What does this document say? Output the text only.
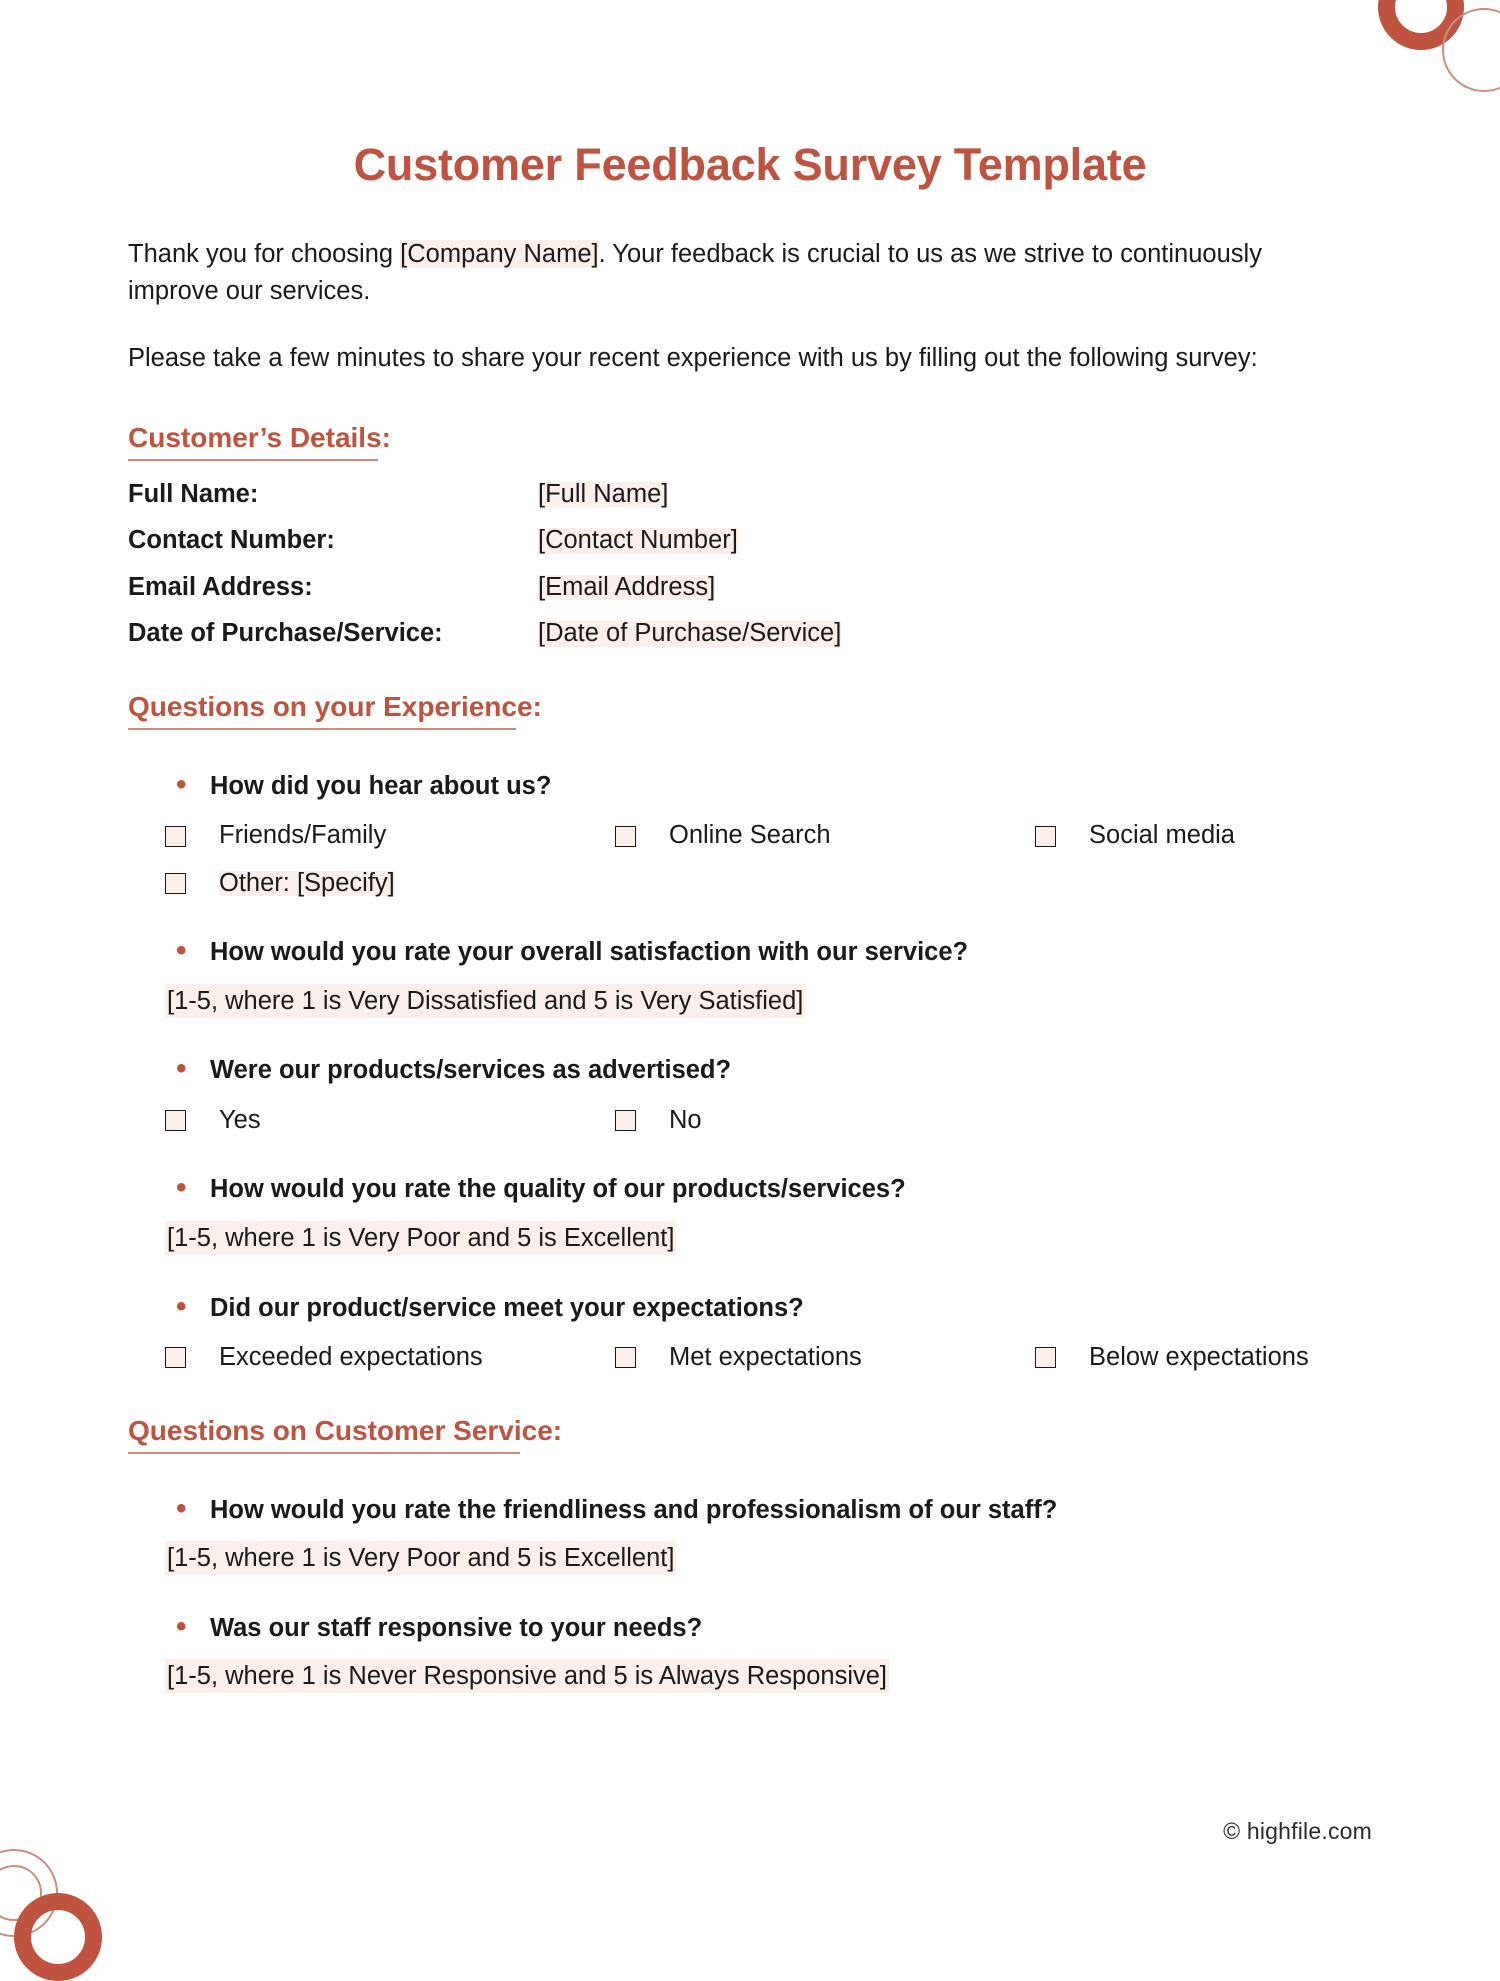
Customer Feedback Survey Template

Thank you for choosing [Company Name]. Your feedback is crucial to us as we strive to continuously improve our services.

Please take a few minutes to share your recent experience with us by filling out the following survey:

Customer’s Details:
Full Name:	[Full Name]
Contact Number:	[Contact Number]
Email Address:	[Email Address]
Date of Purchase/Service:	[Date of Purchase/Service]
Questions on your Experience:
• How did you hear about us?
Friends/Family	Online Search	Social media
Other: [Specify]
• How would you rate your overall satisfaction with our service?
[1-5, where 1 is Very Dissatisfied and 5 is Very Satisfied]
• Were our products/services as advertised?
Yes	No
• How would you rate the quality of our products/services?
[1-5, where 1 is Very Poor and 5 is Excellent]
• Did our product/service meet your expectations?
Exceeded expectations	Met expectations	Below expectations
Questions on Customer Service:
• How would you rate the friendliness and professionalism of our staff?
[1-5, where 1 is Very Poor and 5 is Excellent]
• Was our staff responsive to your needs?
[1-5, where 1 is Never Responsive and 5 is Always Responsive]
© highfile.com
